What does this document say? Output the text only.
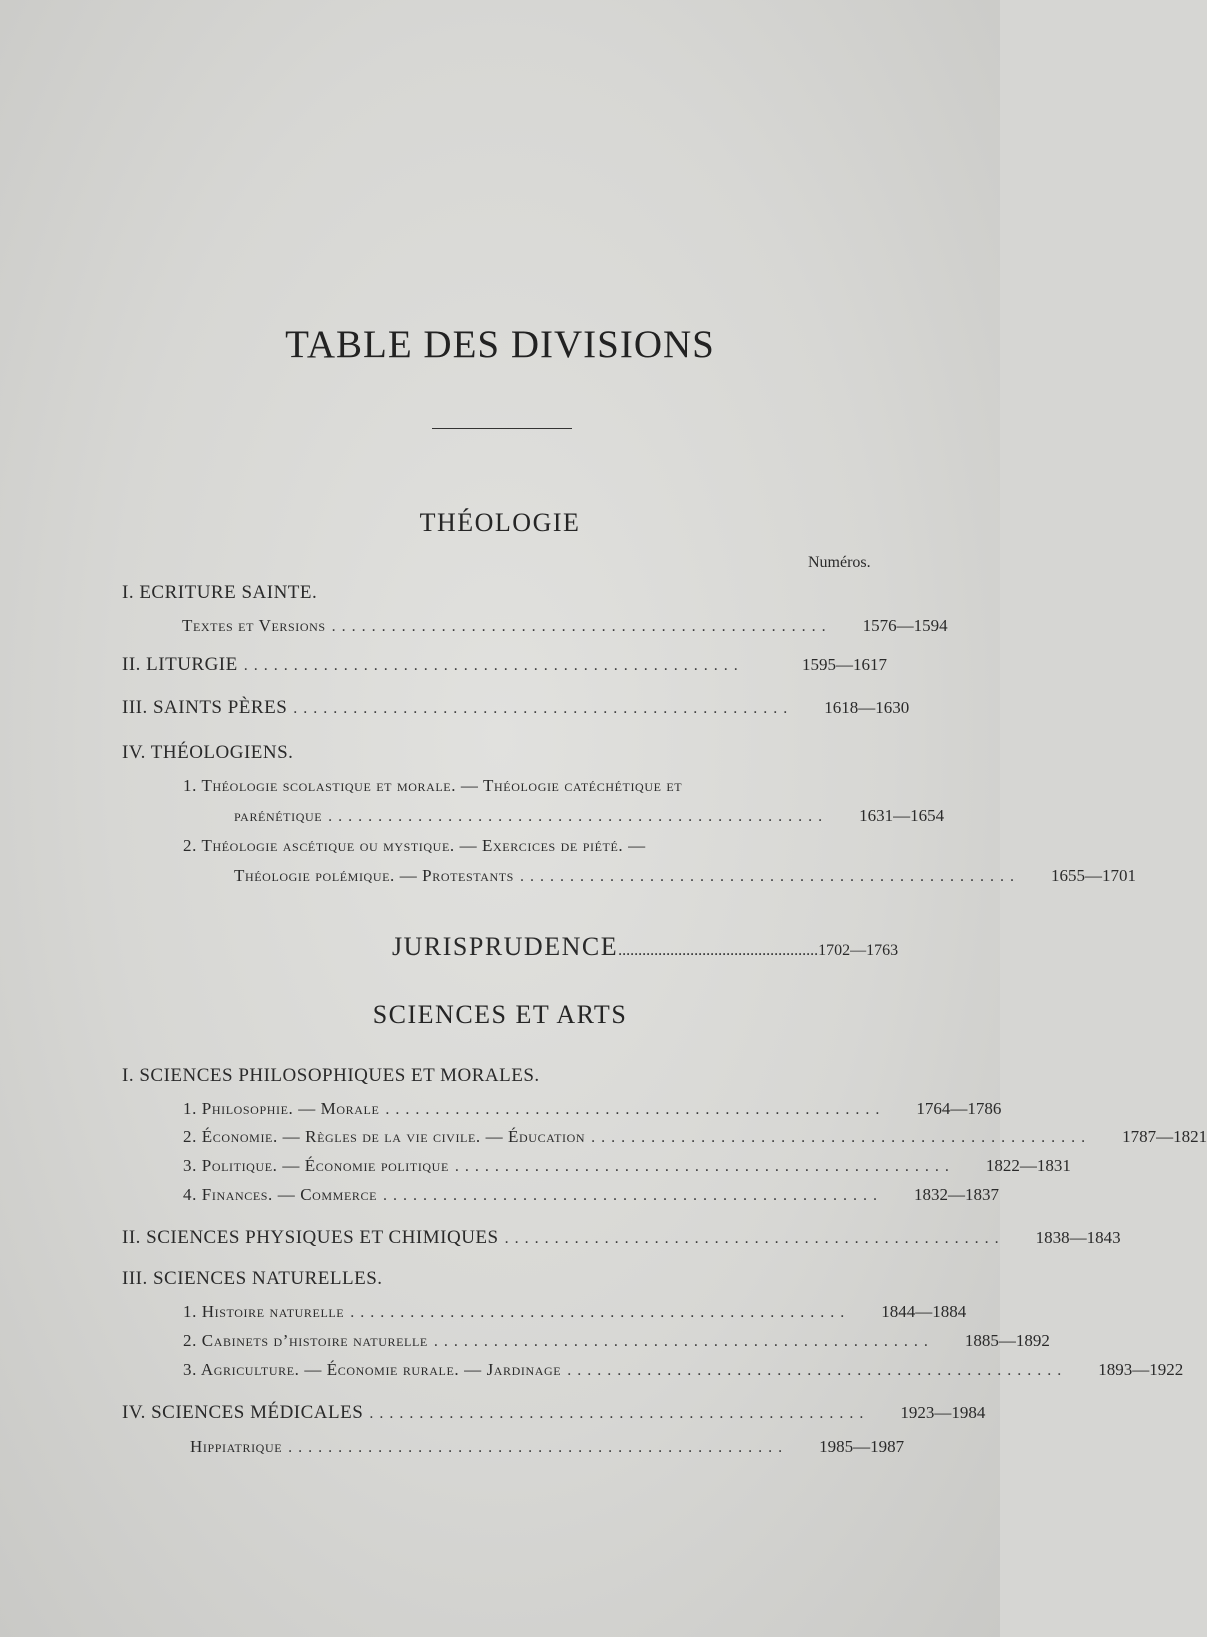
TABLE DES DIVISIONS
THÉOLOGIE
Numéros.
I. ECRITURE SAINTE.
Textes et Versions ..................................................	1576—1594
II. LITURGIE ..................................................	1595—1617
III. SAINTS PÈRES ..................................................	1618—1630
IV. THÉOLOGIENS.
1. Théologie scolastique et morale. — Théologie catéchétique et
parénétique ..................................................	1631—1654
2. Théologie ascétique ou mystique. — Exercices de piété. —
Théologie polémique. — Protestants ..................................................	1655—1701
JURISPRUDENCE .................................................. 1702—1763
SCIENCES ET ARTS
I. SCIENCES PHILOSOPHIQUES ET MORALES.
1. Philosophie. — Morale ..................................................	1764—1786
2. Économie. — Règles de la vie civile. — Éducation ..................................................	1787—1821
3. Politique. — Économie politique ..................................................	1822—1831
4. Finances. — Commerce ..................................................	1832—1837
II. SCIENCES PHYSIQUES ET CHIMIQUES ..................................................	1838—1843
III. SCIENCES NATURELLES.
1. Histoire naturelle ..................................................	1844—1884
2. Cabinets d’histoire naturelle ..................................................	1885—1892
3. Agriculture. — Économie rurale. — Jardinage ..................................................	1893—1922
IV. SCIENCES MÉDICALES ..................................................	1923—1984
Hippiatrique ..................................................	1985—1987
